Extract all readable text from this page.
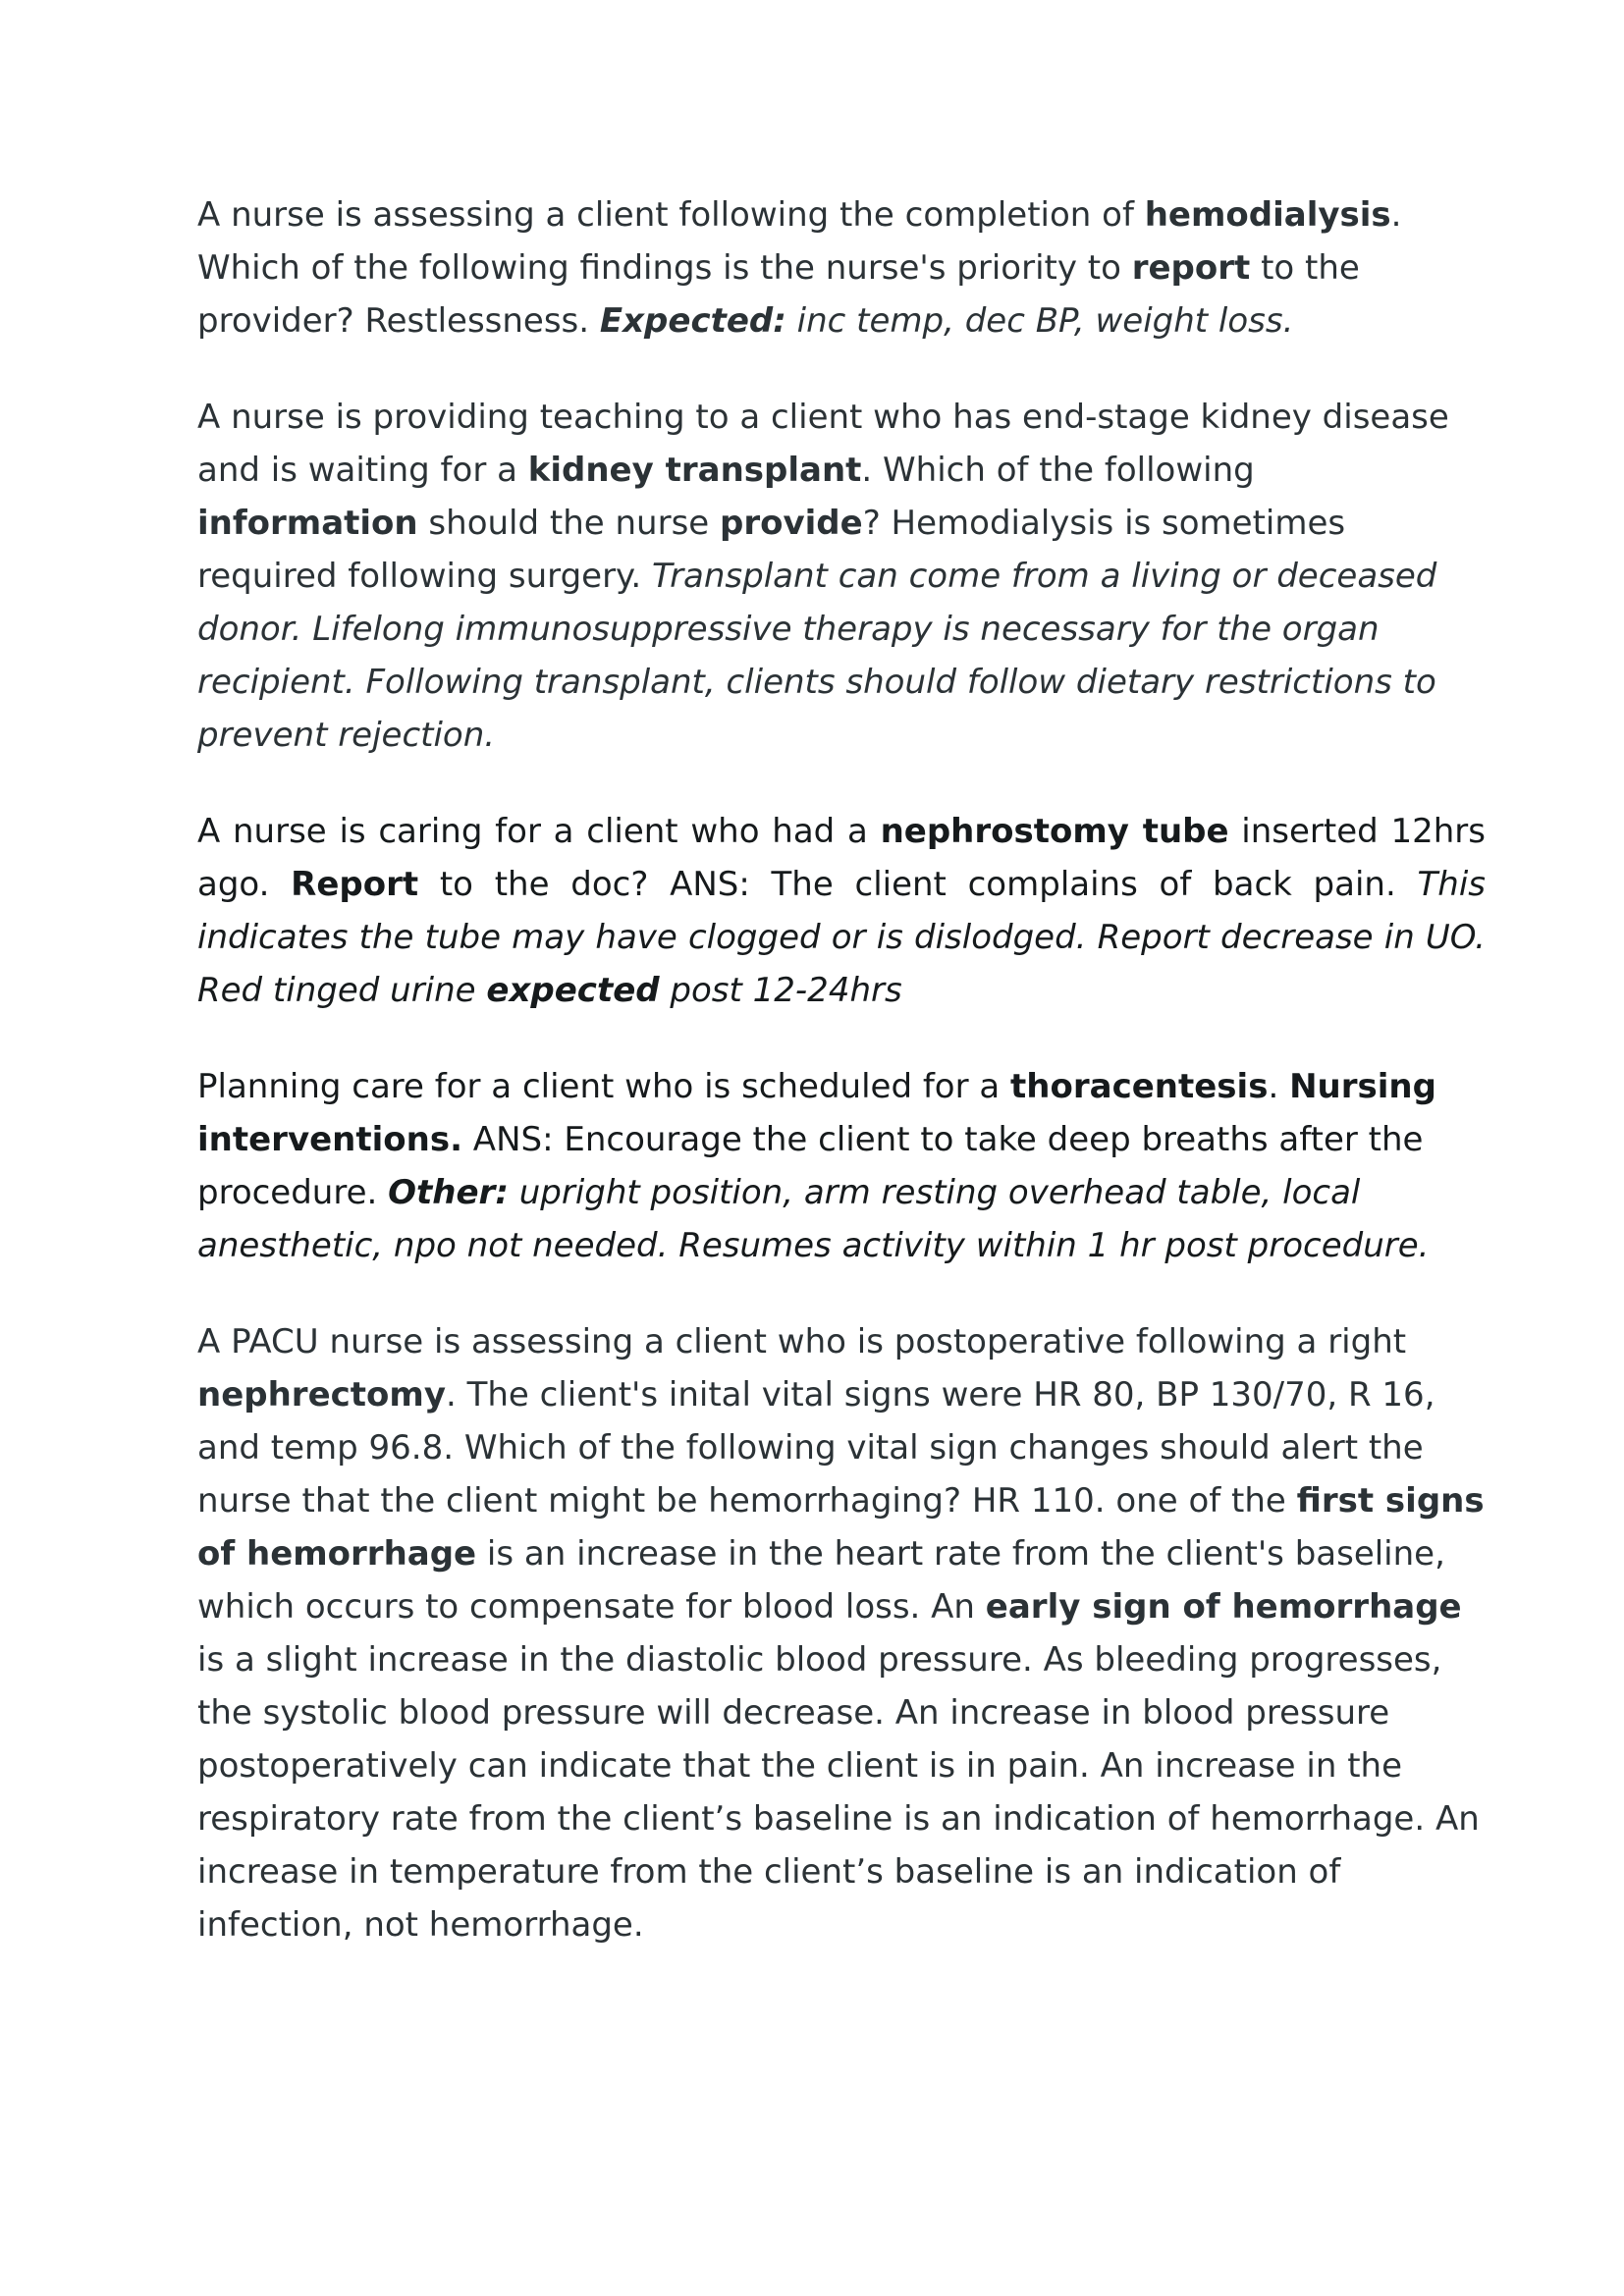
A nurse is assessing a client following the completion of hemodialysis. Which of the following findings is the nurse's priority to report to the provider? Restlessness. Expected: inc temp, dec BP, weight loss.

A nurse is providing teaching to a client who has end-stage kidney disease and is waiting for a kidney transplant. Which of the following information should the nurse provide? Hemodialysis is sometimes required following surgery. Transplant can come from a living or deceased donor. Lifelong immunosuppressive therapy is necessary for the organ recipient. Following transplant, clients should follow dietary restrictions to prevent rejection.

A nurse is caring for a client who had a nephrostomy tube inserted 12hrs ago. Report to the doc? ANS: The client complains of back pain. This indicates the tube may have clogged or is dislodged. Report decrease in UO. Red tinged urine expected post 12-24hrs

Planning care for a client who is scheduled for a thoracentesis. Nursing interventions. ANS: Encourage the client to take deep breaths after the procedure. Other: upright position, arm resting overhead table, local anesthetic, npo not needed. Resumes activity within 1 hr post procedure.

A PACU nurse is assessing a client who is postoperative following a right nephrectomy. The client's inital vital signs were HR 80, BP 130/70, R 16, and temp 96.8. Which of the following vital sign changes should alert the nurse that the client might be hemorrhaging? HR 110. one of the first signs of hemorrhage is an increase in the heart rate from the client's baseline, which occurs to compensate for blood loss. An early sign of hemorrhage is a slight increase in the diastolic blood pressure. As bleeding progresses, the systolic blood pressure will decrease. An increase in blood pressure postoperatively can indicate that the client is in pain. An increase in the respiratory rate from the client’s baseline is an indication of hemorrhage. An increase in temperature from the client’s baseline is an indication of infection, not hemorrhage.
